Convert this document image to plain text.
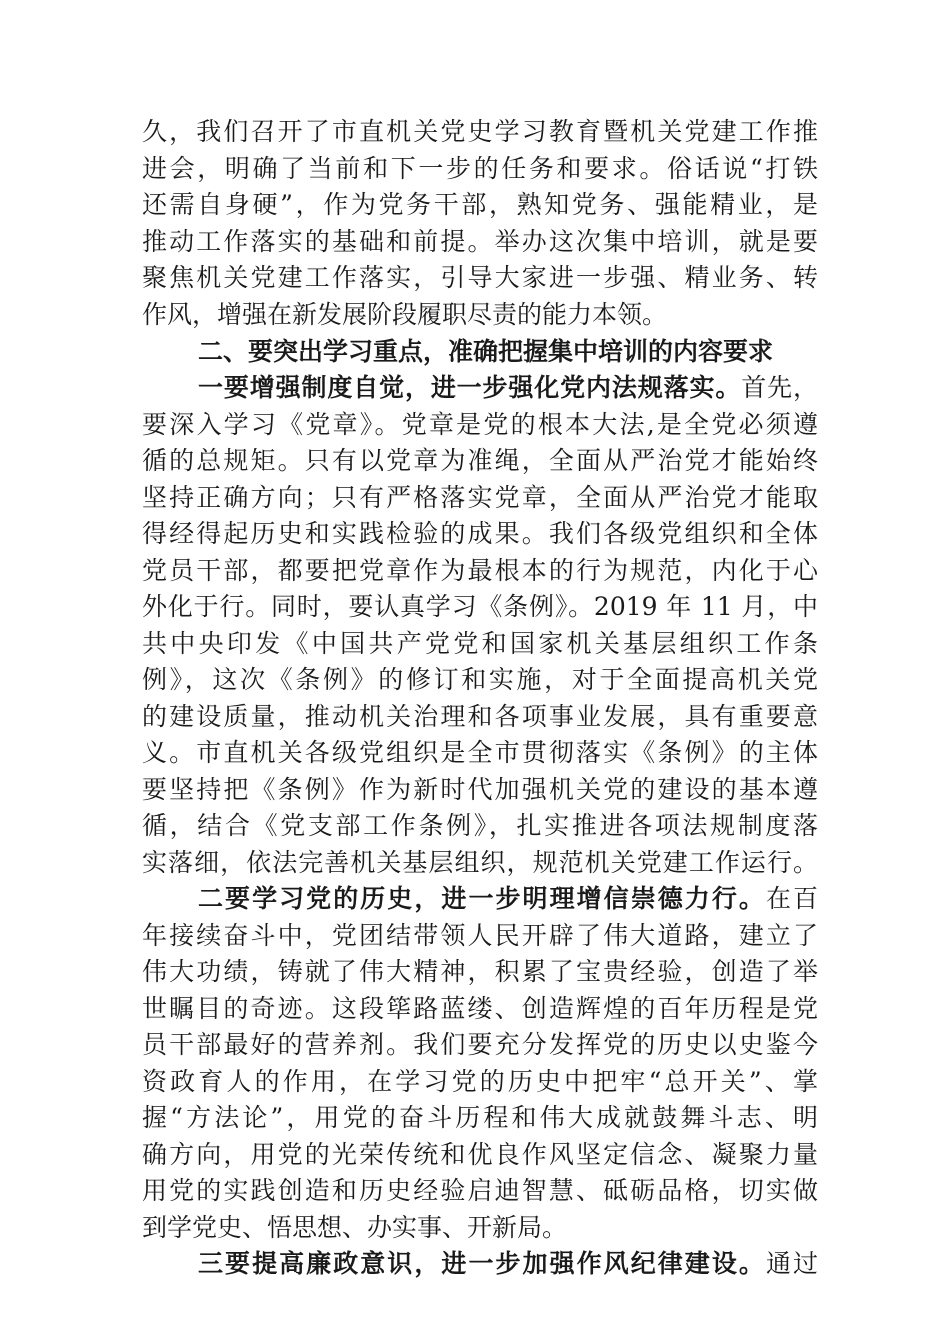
久，我们召开了市直机关党史学习教育暨机关党建工作推
进会，明确了当前和下一步的任务和要求。俗话说“打铁
还需自身硬”，作为党务干部，熟知党务、强能精业，是
推动工作落实的基础和前提。举办这次集中培训，就是要
聚焦机关党建工作落实，引导大家进一步强、精业务、转
作风，增强在新发展阶段履职尽责的能力本领。
二、要突出学习重点，准确把握集中培训的内容要求
一要增强制度自觉，进一步强化党内法规落实。首先，
要深入学习《党章》。党章是党的根本大法,是全党必须遵
循的总规矩。只有以党章为准绳，全面从严治党才能始终
坚持正确方向；只有严格落实党章，全面从严治党才能取
得经得起历史和实践检验的成果。我们各级党组织和全体
党员干部，都要把党章作为最根本的行为规范，内化于心
外化于行。同时，要认真学习《条例》。2019 年 11 月，中
共中央印发《中国共产党党和国家机关基层组织工作条
例》，这次《条例》的修订和实施，对于全面提高机关党
的建设质量，推动机关治理和各项事业发展，具有重要意
义。市直机关各级党组织是全市贯彻落实《条例》的主体
要坚持把《条例》作为新时代加强机关党的建设的基本遵
循，结合《党支部工作条例》，扎实推进各项法规制度落
实落细，依法完善机关基层组织，规范机关党建工作运行。
二要学习党的历史，进一步明理增信崇德力行。在百
年接续奋斗中，党团结带领人民开辟了伟大道路，建立了
伟大功绩，铸就了伟大精神，积累了宝贵经验，创造了举
世瞩目的奇迹。这段筚路蓝缕、创造辉煌的百年历程是党
员干部最好的营养剂。我们要充分发挥党的历史以史鉴今
资政育人的作用，在学习党的历史中把牢“总开关”、掌
握“方法论”，用党的奋斗历程和伟大成就鼓舞斗志、明
确方向，用党的光荣传统和优良作风坚定信念、凝聚力量
用党的实践创造和历史经验启迪智慧、砥砺品格，切实做
到学党史、悟思想、办实事、开新局。
三要提高廉政意识，进一步加强作风纪律建设。通过
